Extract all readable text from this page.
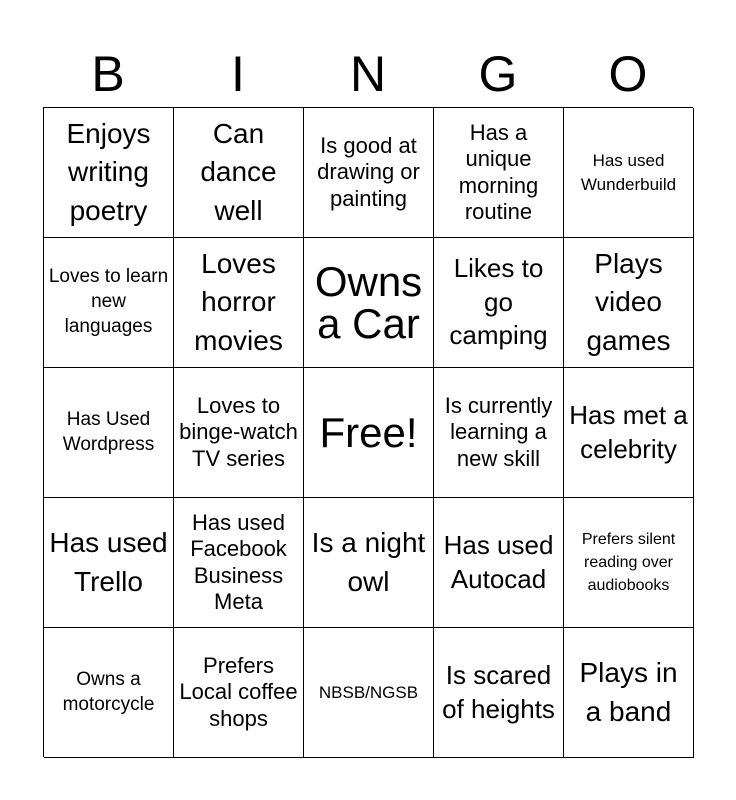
B	I	N	G	O
Enjoys writing poetry
Can dance well
Is good at drawing or painting
Has a unique morning routine
Has used Wunderbuild
Loves to learn new languages
Loves horror movies
Owns a Car
Likes to go camping
Plays video games
Has Used Wordpress
Loves to binge-watch TV series
Free!
Is currently learning a new skill
Has met a celebrity
Has used Trello
Has used Facebook Business Meta
Is a night owl
Has used Autocad
Prefers silent reading over audiobooks
Owns a motorcycle
Prefers Local coffee shops
NBSB/NGSB
Is scared of heights
Plays in a band
